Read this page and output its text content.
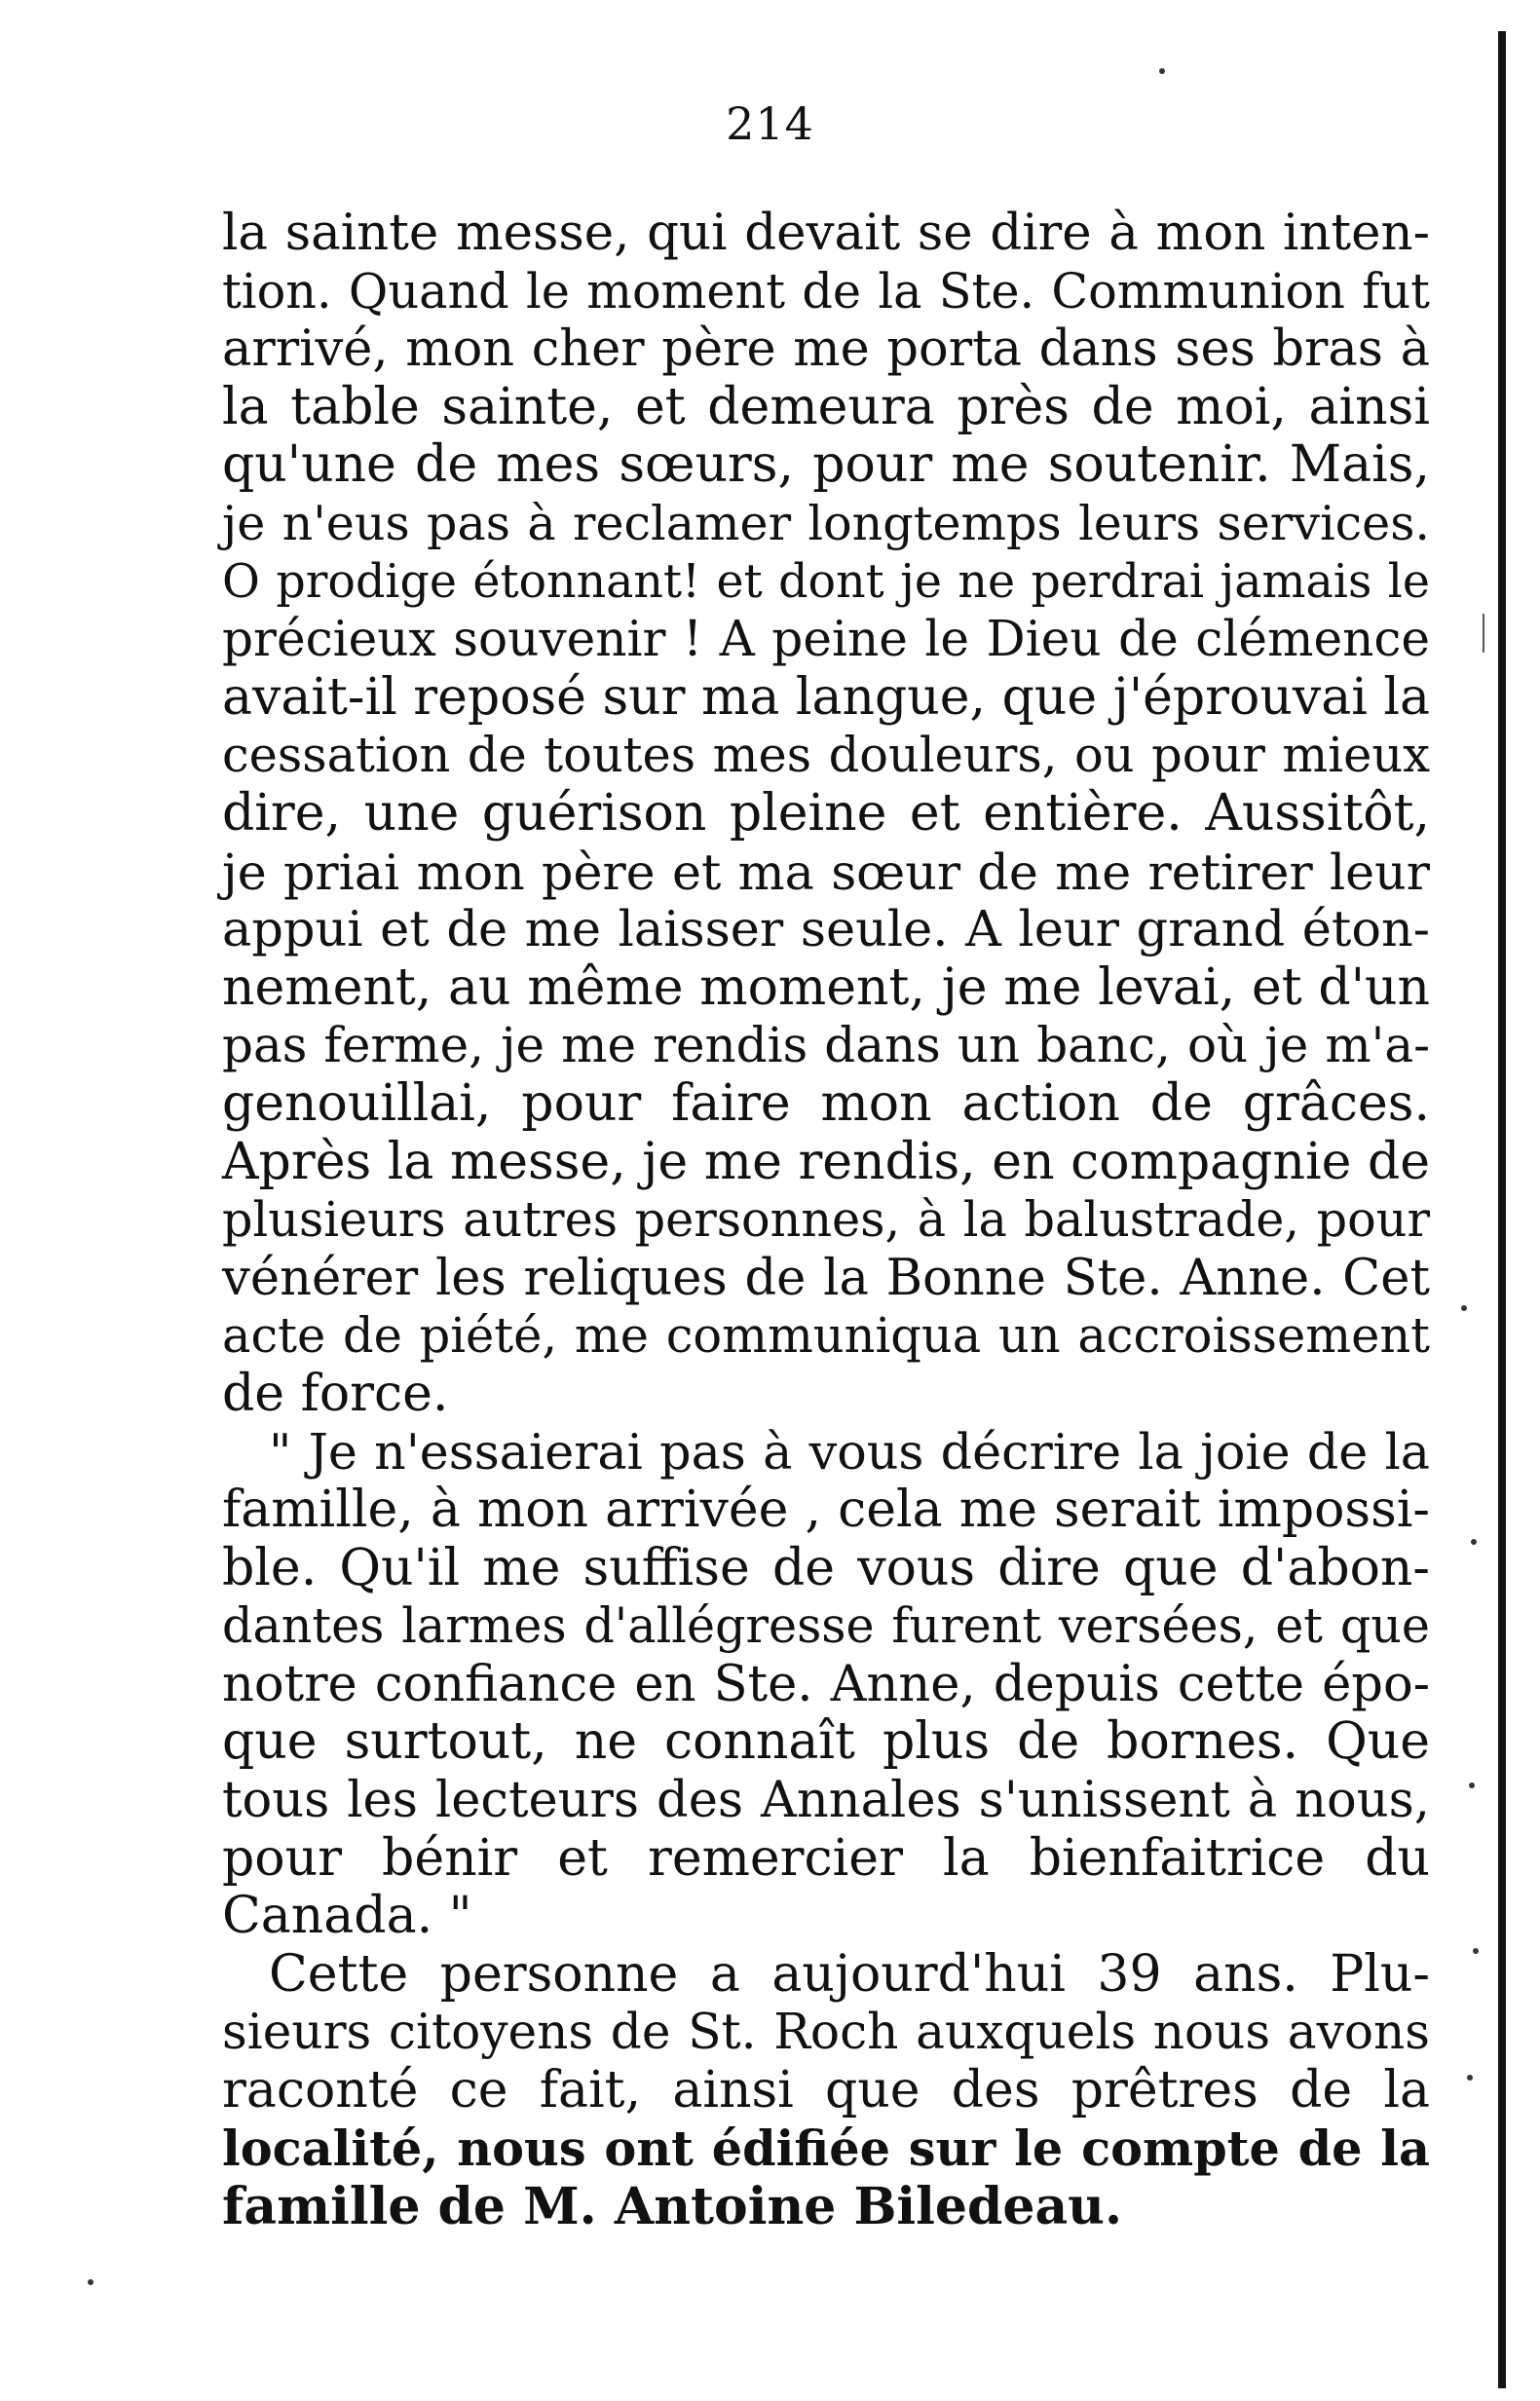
214
la sainte messe, qui devait se dire à mon inten-
tion. Quand le moment de la Ste. Communion fut
arrivé, mon cher père me porta dans ses bras à
la table sainte, et demeura près de moi, ainsi
qu'une de mes sœurs, pour me soutenir. Mais,
je n'eus pas à reclamer longtemps leurs services.
O prodige étonnant! et dont je ne perdrai jamais le
précieux souvenir ! A peine le Dieu de clémence
avait-il reposé sur ma langue, que j'éprouvai la
cessation de toutes mes douleurs, ou pour mieux
dire, une guérison pleine et entière. Aussitôt,
je priai mon père et ma sœur de me retirer leur
appui et de me laisser seule. A leur grand éton-
nement, au même moment, je me levai, et d'un
pas ferme, je me rendis dans un banc, où je m'a-
genouillai, pour faire mon action de grâces.
Après la messe, je me rendis, en compagnie de
plusieurs autres personnes, à la balustrade, pour
vénérer les reliques de la Bonne Ste. Anne. Cet
acte de piété, me communiqua un accroissement
de force.
" Je n'essaierai pas à vous décrire la joie de la
famille, à mon arrivée , cela me serait impossi-
ble. Qu'il me suffise de vous dire que d'abon-
dantes larmes d'allégresse furent versées, et que
notre confiance en Ste. Anne, depuis cette épo-
que surtout, ne connaît plus de bornes. Que
tous les lecteurs des Annales s'unissent à nous,
pour bénir et remercier la bienfaitrice du
Canada. "
Cette personne a aujourd'hui 39 ans. Plu-
sieurs citoyens de St. Roch auxquels nous avons
raconté ce fait, ainsi que des prêtres de la
localité, nous ont édifiée sur le compte de la
famille de M. Antoine Biledeau.
